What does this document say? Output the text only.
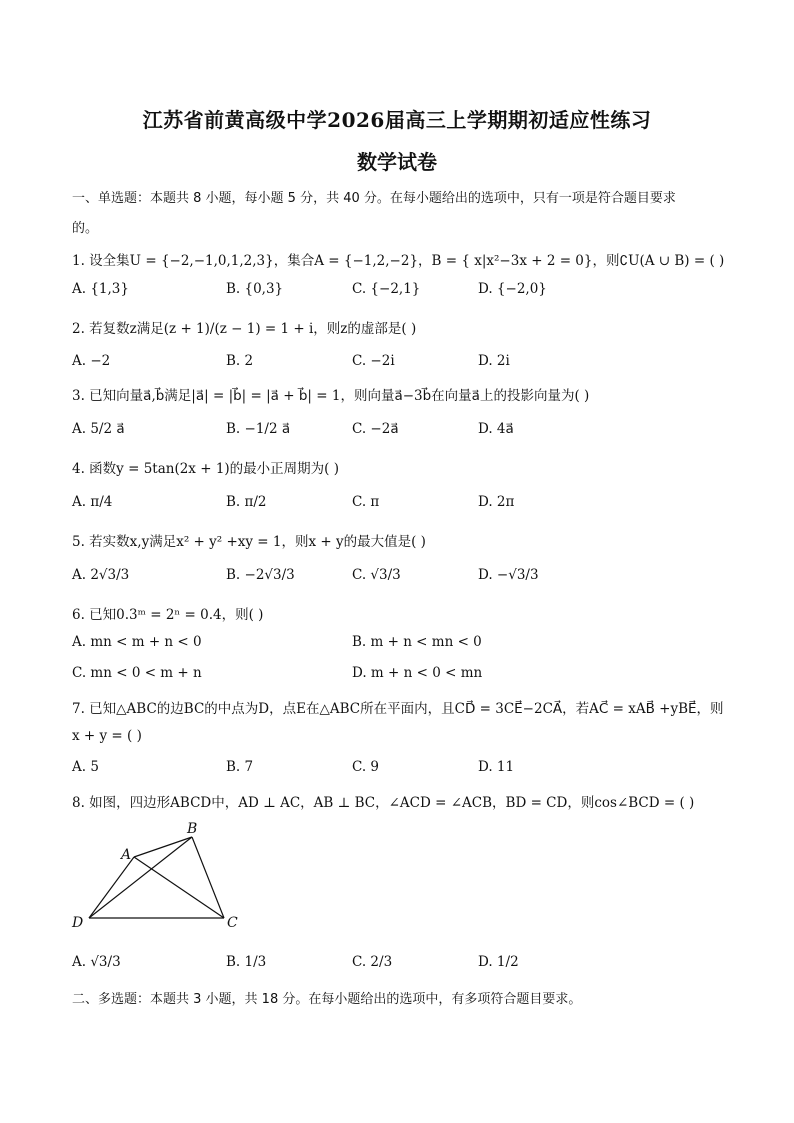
江苏省前黄高级中学2026届高三上学期期初适应性练习
数学试卷
一、单选题：本题共 8 小题，每小题 5 分，共 40 分。在每小题给出的选项中，只有一项是符合题目要求
的。
1. 设全集U = {−2,−1,0,1,2,3}，集合A = {−1,2,−2}，B = { x|x²−3x + 2 = 0}，则∁U(A ∪ B) = ( )
A. {1,3}	B. {0,3}	C. {−2,1}	D. {−2,0}
2. 若复数z满足(z + 1)/(z − 1) = 1 + i，则z的虚部是( )
A. −2	B. 2	C. −2i	D. 2i
3. 已知向量a⃗,b⃗满足|a⃗| = |b⃗| = |a⃗ + b⃗| = 1，则向量a⃗−3b⃗在向量a⃗上的投影向量为( )
A. 5/2 a⃗	B. −1/2 a⃗	C. −2a⃗	D. 4a⃗
4. 函数y = 5tan(2x + 1)的最小正周期为( )
A. π/4	B. π/2	C. π	D. 2π
5. 若实数x,y满足x² + y² +xy = 1，则x + y的最大值是( )
A. 2√3/3	B. −2√3/3	C. √3/3	D. −√3/3
6. 已知0.3ᵐ = 2ⁿ = 0.4，则( )
A. mn < m + n < 0	B. m + n < mn < 0
C. mn < 0 < m + n	D. m + n < 0 < mn
7. 已知△ABC的边BC的中点为D，点E在△ABC所在平面内，且CD⃗ = 3CE⃗−2CA⃗，若AC⃗ = xAB⃗ +yBE⃗，则
x + y = ( )
A. 5	B. 7	C. 9	D. 11
8. 如图，四边形ABCD中，AD ⊥ AC，AB ⊥ BC，∠ACD = ∠ACB，BD = CD，则cos∠BCD = ( )
A
B
C
D
A. √3/3	B. 1/3	C. 2/3	D. 1/2
二、多选题：本题共 3 小题，共 18 分。在每小题给出的选项中，有多项符合题目要求。
